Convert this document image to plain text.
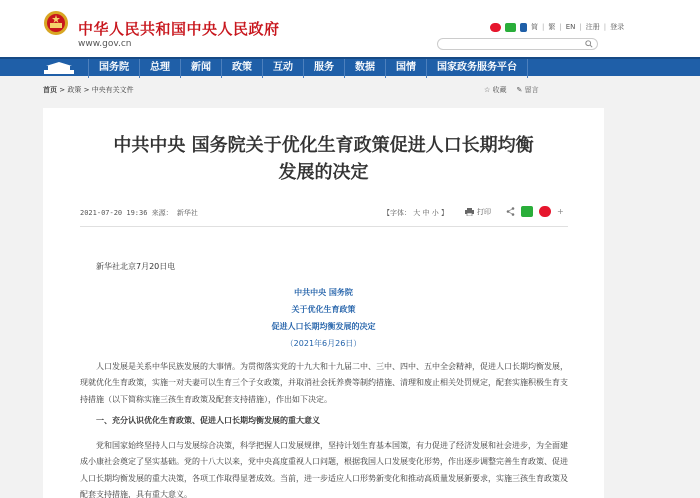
中华人民共和国中央人民政府
www.gov.cn
简 | 繁 | EN | 注册 | 登录
国务院	总理	新闻	政策	互动	服务	数据	国情	国家政务服务平台
首页 > 政策 > 中央有关文件	☆ 收藏 ✎ 留言
中共中央 国务院关于优化生育政策促进人口长期均衡
发展的决定
2021-07-20 19:36 来源： 新华社	【字体： 大 中 小 】	打印	+
新华社北京7月20日电
中共中央 国务院
关于优化生育政策
促进人口长期均衡发展的决定
（2021年6月26日）
人口发展是关系中华民族发展的大事情。为贯彻落实党的十九大和十九届二中、三中、四中、五中全会精神，促进人口长期均衡发展，现就优化生育政策，实施一对夫妻可以生育三个子女政策，并取消社会抚养费等制约措施、清理和废止相关处罚规定，配套实施积极生育支持措施（以下简称实施三孩生育政策及配套支持措施），作出如下决定。
一、充分认识优化生育政策、促进人口长期均衡发展的重大意义
党和国家始终坚持人口与发展综合决策，科学把握人口发展规律，坚持计划生育基本国策，有力促进了经济发展和社会进步，为全面建成小康社会奠定了坚实基础。党的十八大以来，党中央高度重视人口问题，根据我国人口发展变化形势，作出逐步调整完善生育政策、促进人口长期均衡发展的重大决策，各项工作取得显著成效。当前，进一步适应人口形势新变化和推动高质量发展新要求，实施三孩生育政策及配套支持措施，具有重大意义。
